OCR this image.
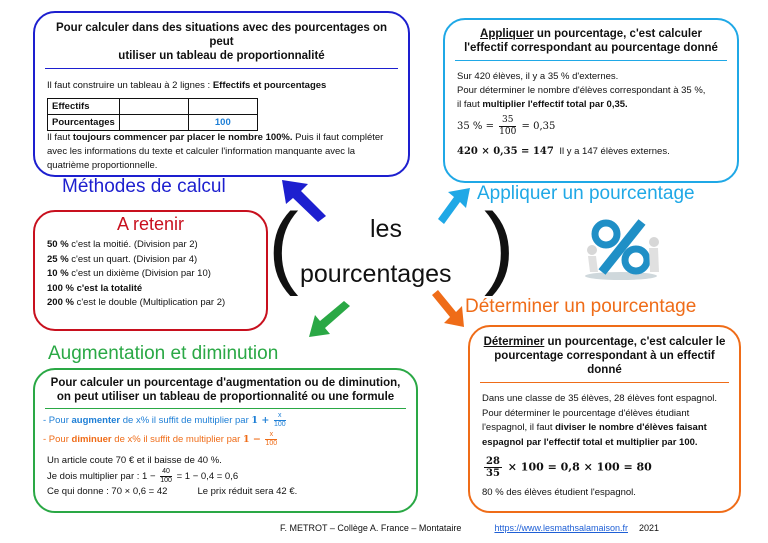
Pour calculer dans des situations avec des pourcentages on peut
utiliser un tableau de proportionnalité
Il faut construire un tableau à 2 lignes : Effectifs et pourcentages
Effectifs		
Pourcentages		100
Il faut toujours commencer par placer le nombre 100%. Puis il faut compléter avec les informations du texte et calculer l'information manquante avec la quatrième proportionnelle.
Méthodes de calcul
Appliquer un pourcentage, c'est calculer
l'effectif correspondant au pourcentage donné
Sur 420 élèves, il y a 35 % d'externes.
Pour déterminer le nombre d'élèves correspondant à 35 %,
il faut multiplier l'effectif total par 0,35.
35 % = $\frac{35}{100} = 0,35$
420 × 0,35 = 147 Il y a 147 élèves externes.
Appliquer un pourcentage
A retenir
50 % c'est la moitié. (Division par 2)
25 % c'est un quart. (Division par 4)
10 % c'est un dixième (Division par 10)
100 % c'est la totalité
200 % c'est le double (Multiplication par 2)
( )
les
pourcentages
Déterminer un pourcentage
Déterminer un pourcentage, c'est calculer le
pourcentage correspondant à un effectif donné
Dans une classe de 35 élèves, 28 élèves font espagnol.
Pour déterminer le pourcentage d'élèves étudiant
l'espagnol, il faut diviser le nombre d'élèves faisant
espagnol par l'effectif total et multiplier par 100.
$\frac{28}{35} \times 100 = 0,8 \times 100 = 80$
80 % des élèves étudient l'espagnol.
Augmentation et diminution
Pour calculer un pourcentage d'augmentation ou de diminution,
on peut utiliser un tableau de proportionnalité ou une formule
- Pour augmenter de x% il suffit de multiplier par $1 + \frac{x}{100}$
- Pour diminuer de x% il suffit de multiplier par $1 - \frac{x}{100}$
Un article coute 70 € et il baisse de 40 %.
Je dois multiplier par : $1 - \frac{40}{100} = 1 - 0,4 = 0,6$
Ce qui donne : 70 × 0,6 = 42	Le prix réduit sera 42 €.
F. METROT – Collège A. France – Montataire	https://www.lesmathsalamaison.fr 2021
